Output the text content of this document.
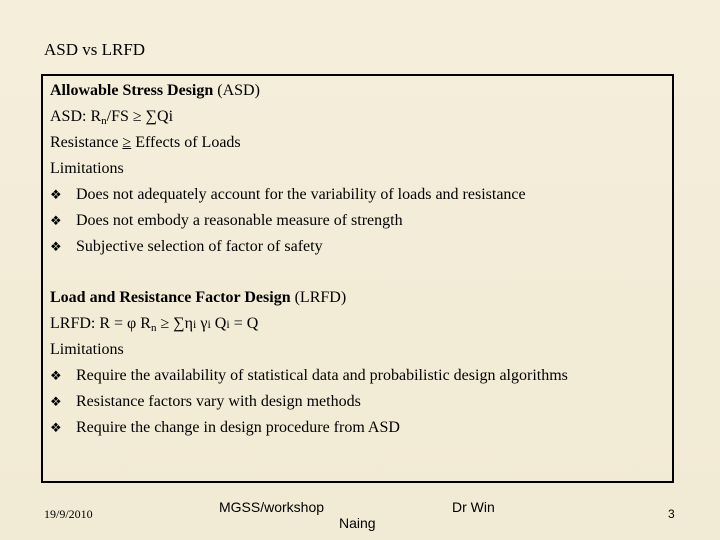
ASD vs LRFD
Allowable Stress Design (ASD)
ASD: $R_n/FS \ge \sum Qi$
Resistance ≥ Effects of Loads
Limitations
❖ Does not adequately account for the variability of loads and resistance
❖ Does not embody a reasonable measure of strength
❖ Subjective selection of factor of safety
Load and Resistance Factor Design (LRFD)
LRFD: R = φ $R_n \ge \sum\eta i$ γi Qi = Q
Limitations
❖ Require the availability of statistical data and probabilistic design algorithms
❖ Resistance factors vary with design methods
❖ Require the change in design procedure from ASD
19/9/2010	MGSS/workshop
Naing
Dr Win	3
